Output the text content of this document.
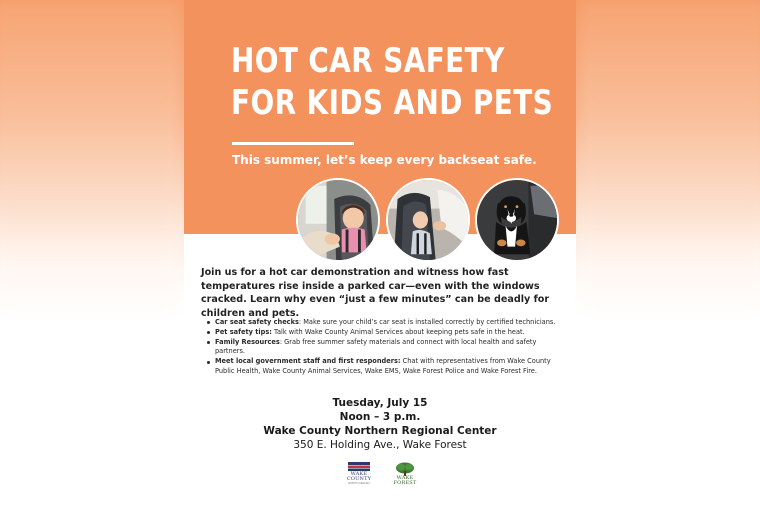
HOT CAR SAFETY
FOR KIDS AND PETS

This summer, let’s keep every backseat safe.

Join us for a hot car demonstration and witness how fast temperatures rise inside a parked car—even with the windows cracked. Learn why even “just a few minutes” can be deadly for children and pets.

Car seat safety checks: Make sure your child’s car seat is installed correctly by certified technicians.
Pet safety tips: Talk with Wake County Animal Services about keeping pets safe in the heat.
Family Resources: Grab free summer safety materials and connect with local health and safety partners.
Meet local government staff and first responders: Chat with representatives from Wake County Public Health, Wake County Animal Services, Wake EMS, Wake Forest Police and Wake Forest Fire.

Tuesday, July 15

Noon – 3 p.m.

Wake County Northern Regional Center

350 E. Holding Ave., Wake Forest

WAKE
COUNTY
NORTH CAROLINA
WAKE
FOREST
